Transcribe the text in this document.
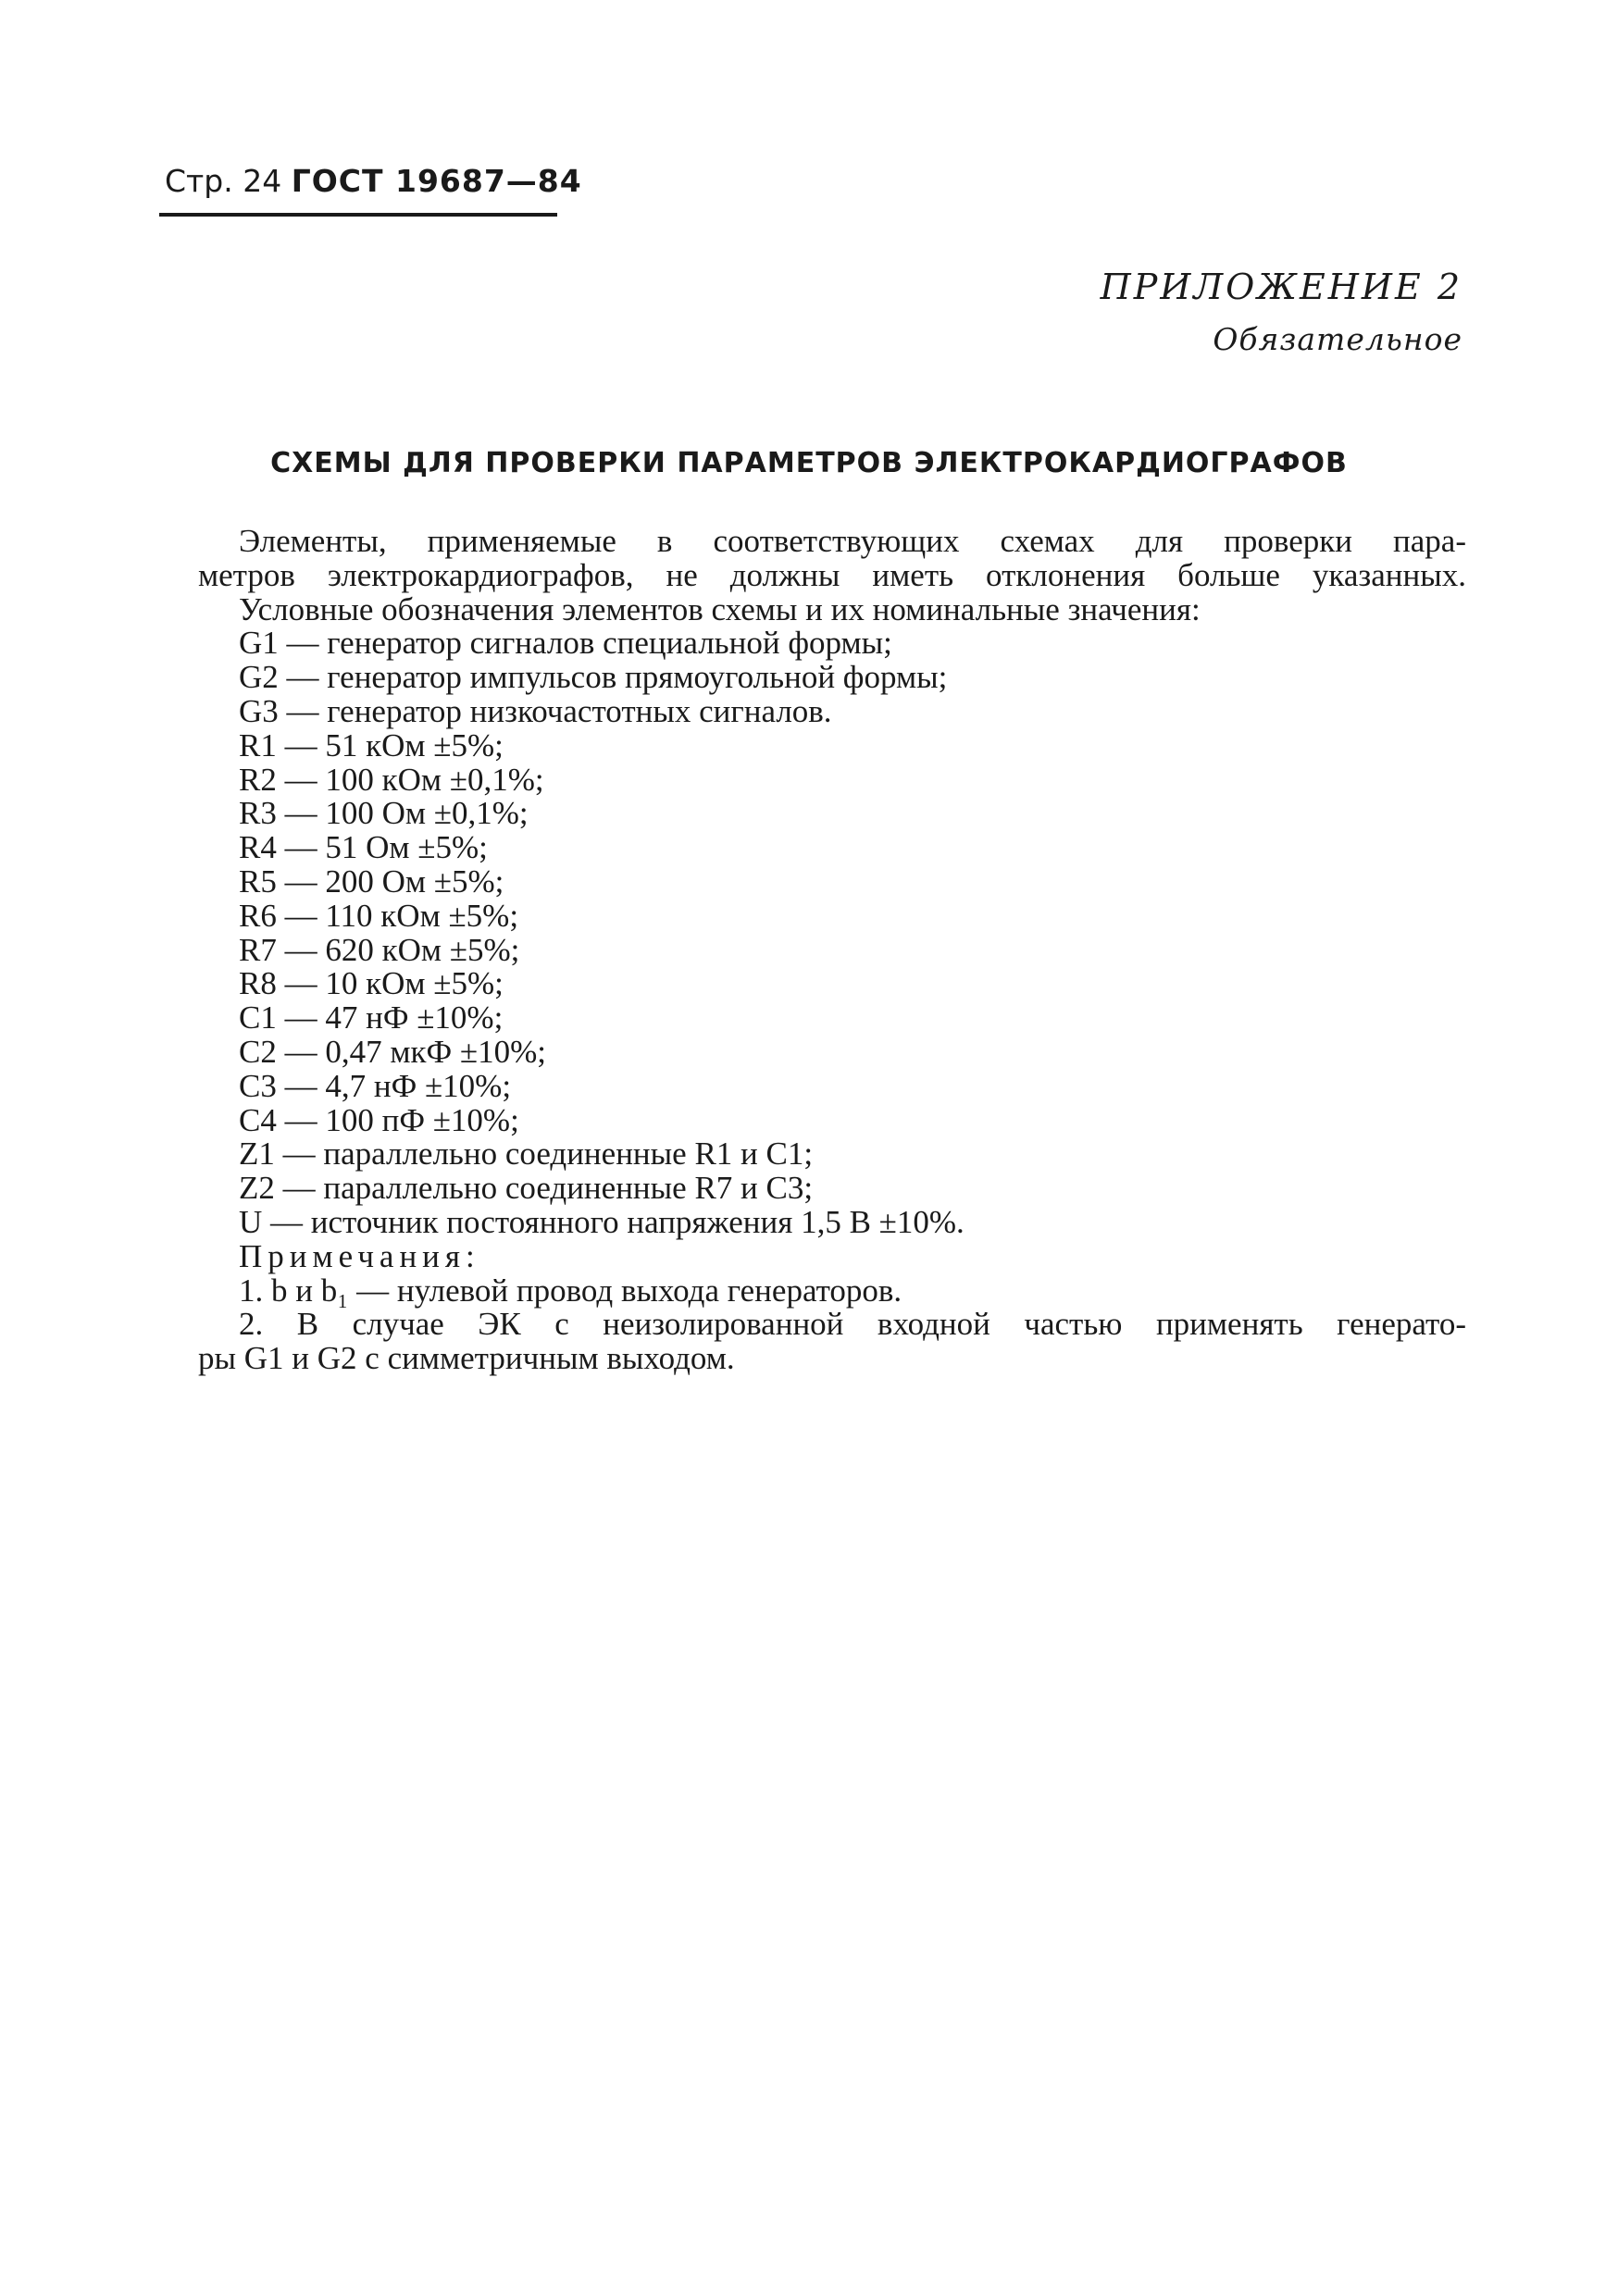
Стр. 24 ГОСТ 19687—84
ПРИЛОЖЕНИЕ 2
Обязательное
СХЕМЫ ДЛЯ ПРОВЕРКИ ПАРАМЕТРОВ ЭЛЕКТРОКАРДИОГРАФОВ

Элементы, применяемые в соответствующих схемах для проверки пара-

метров электрокардиографов, не должны иметь отклонения больше указанных.

Условные обозначения элементов схемы и их номинальные значения:

G1 — генератор сигналов специальной формы;

G2 — генератор импульсов прямоугольной формы;

G3 — генератор низкочастотных сигналов.

R1 — 51 кОм ±5%;

R2 — 100 кОм ±0,1%;

R3 — 100 Ом ±0,1%;

R4 — 51 Ом ±5%;

R5 — 200 Ом ±5%;

R6 — 110 кОм ±5%;

R7 — 620 кОм ±5%;

R8 — 10 кОм ±5%;

C1 — 47 нФ ±10%;

C2 — 0,47 мкФ ±10%;

C3 — 4,7 нФ ±10%;

C4 — 100 пФ ±10%;

Z1 — параллельно соединенные R1 и C1;

Z2 — параллельно соединенные R7 и C3;

U — источник постоянного напряжения 1,5 В ±10%.

Примечания:

1. b и b₁ — нулевой провод выхода генераторов.

2. В случае ЭК с неизолированной входной частью применять генерато-

ры G1 и G2 с симметричным выходом.
